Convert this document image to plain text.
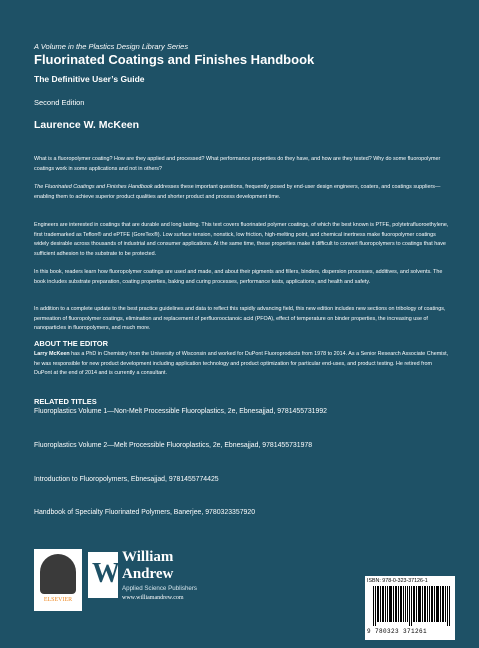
A Volume in the Plastics Design Library Series
Fluorinated Coatings and Finishes Handbook
The Definitive User’s Guide
Second Edition
Laurence W. McKeen
What is a fluoropolymer coating? How are they applied and processed? What performance properties do they have, and how are they tested? Why do some fluoropolymer coatings work in some applications and not in others?
The Fluorinated Coatings and Finishes Handbook addresses these important questions, frequently posed by end-user design engineers, coaters, and coatings suppliers—enabling them to achieve superior product qualities and shorter product and process development time.
Engineers are interested in coatings that are durable and long lasting. This text covers fluorinated polymer coatings, of which the best known is PTFE, polytetrafluoroethylene, first trademarked as Teflon® and ePTFE (GoreTex®). Low surface tension, nonstick, low friction, high-melting point, and chemical inertness make fluoropolymer coatings widely desirable across thousands of industrial and consumer applications. At the same time, these properties make it difficult to convert fluoropolymers to coatings that have sufficient adhesion to the substrate to be protected.
In this book, readers learn how fluoropolymer coatings are used and made, and about their pigments and fillers, binders, dispersion processes, additives, and solvents. The book includes substrate preparation, coating properties, baking and curing processes, performance tests, applications, and health and safety.
In addition to a complete update to the best practice guidelines and data to reflect this rapidly advancing field, this new edition includes new sections on tribology of coatings, permeation of fluoropolymer coatings, elimination and replacement of perfluorooctanoic acid (PFOA), effect of temperature on binder properties, the increasing use of nanoparticles in fluoropolymers, and much more.
ABOUT THE EDITOR
Larry McKeen has a PhD in Chemistry from the University of Wisconsin and worked for DuPont Fluoroproducts from 1978 to 2014. As a Senior Research Associate Chemist, he was responsible for new product development including application technology and product optimization for particular end-uses, and product testing. He retired from DuPont at the end of 2014 and is currently a consultant.
RELATED TITLES
Fluoroplastics Volume 1—Non-Melt Processible Fluoroplastics, 2e, Ebnesajjad, 9781455731992
Fluoroplastics Volume 2—Melt Processible Fluoroplastics, 2e, Ebnesajjad, 9781455731978
Introduction to Fluoropolymers, Ebnesajjad, 9781455774425
Handbook of Specialty Fluorinated Polymers, Banerjee, 9780323357920
ELSEVIER
W
William
Andrew
Applied Science Publishers
www.williamandrew.com
ISBN: 978-0-323-37126-1
9 780323 371261
